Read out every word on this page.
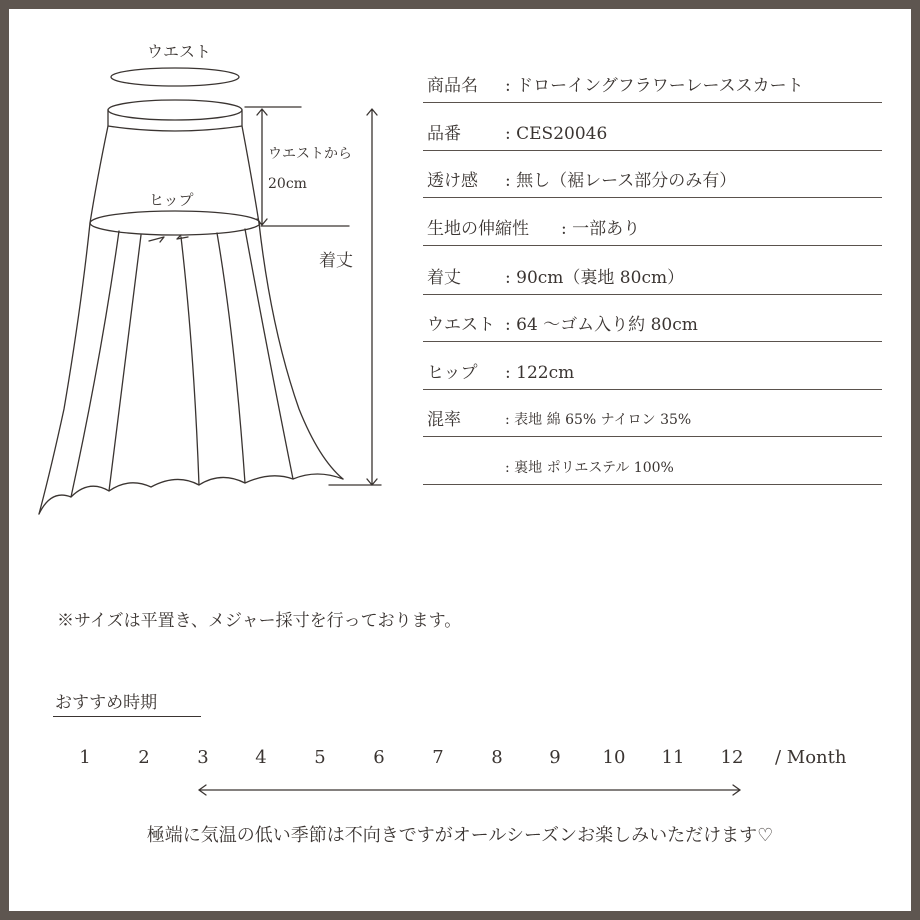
ウエスト
ウエストから
20cm
ヒップ
着丈
商品名 : ドローイングフラワーレーススカート
品番	: CES20046
透け感 : 無し（裾レース部分のみ有）
生地の伸縮性 : 一部あり
着丈	: 90cm（裏地 80cm）
ウエスト : 64 〜ゴム入り約 80cm
ヒップ : 122cm
混率	: 表地 綿 65% ナイロン 35%
: 裏地 ポリエステル 100%
※サイズは平置き、メジャー採寸を行っております。
おすすめ時期
1	2	3	4	5	6	7	8	9	10 11 12 / Month
極端に気温の低い季節は不向きですがオールシーズンお楽しみいただけます♡
